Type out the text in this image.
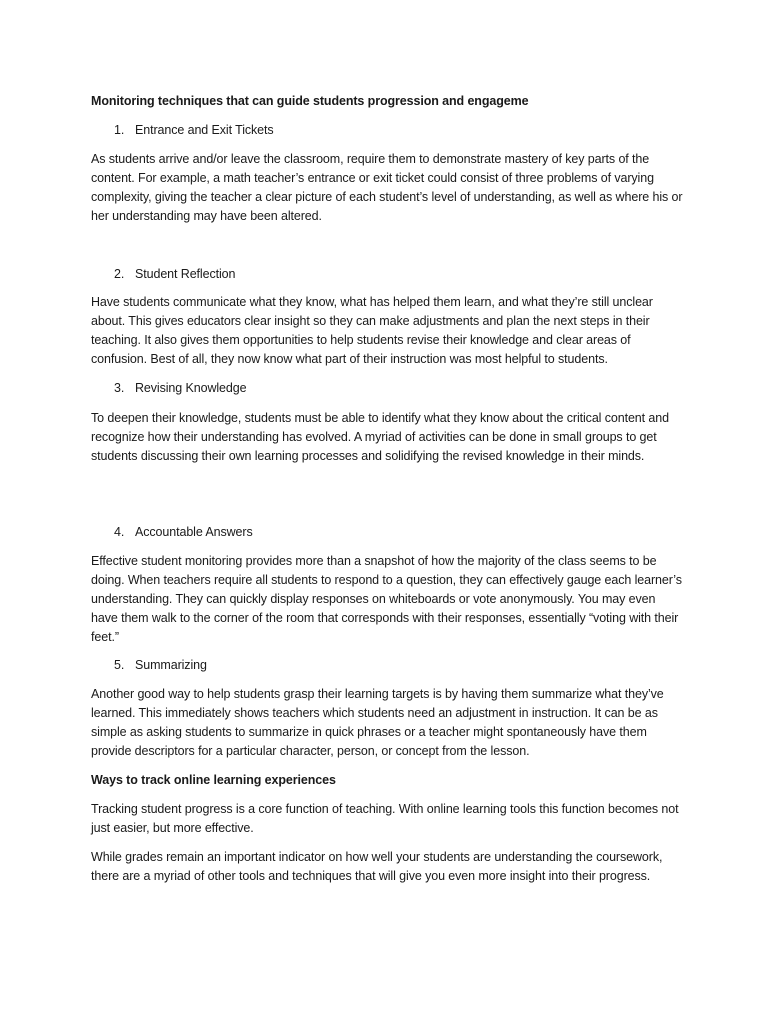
Monitoring techniques that can guide students progression and engageme
1. Entrance and Exit Tickets

As students arrive and/or leave the classroom, require them to demonstrate mastery of key parts of the content. For example, a math teacher’s entrance or exit ticket could consist of three problems of varying complexity, giving the teacher a clear picture of each student’s level of understanding, as well as where his or her understanding may have been altered.

2. Student Reflection

Have students communicate what they know, what has helped them learn, and what they’re still unclear about. This gives educators clear insight so they can make adjustments and plan the next steps in their teaching. It also gives them opportunities to help students revise their knowledge and clear areas of confusion. Best of all, they now know what part of their instruction was most helpful to students.

3. Revising Knowledge

To deepen their knowledge, students must be able to identify what they know about the critical content and recognize how their understanding has evolved. A myriad of activities can be done in small groups to get students discussing their own learning processes and solidifying the revised knowledge in their minds.

4. Accountable Answers

Effective student monitoring provides more than a snapshot of how the majority of the class seems to be doing. When teachers require all students to respond to a question, they can effectively gauge each learner’s understanding. They can quickly display responses on whiteboards or vote anonymously. You may even have them walk to the corner of the room that corresponds with their responses, essentially “voting with their feet.”

5. Summarizing

Another good way to help students grasp their learning targets is by having them summarize what they’ve learned. This immediately shows teachers which students need an adjustment in instruction. It can be as simple as asking students to summarize in quick phrases or a teacher might spontaneously have them provide descriptors for a particular character, person, or concept from the lesson.

Ways to track online learning experiences

Tracking student progress is a core function of teaching. With online learning tools this function becomes not just easier, but more effective.

While grades remain an important indicator on how well your students are understanding the coursework, there are a myriad of other tools and techniques that will give you even more insight into their progress.
